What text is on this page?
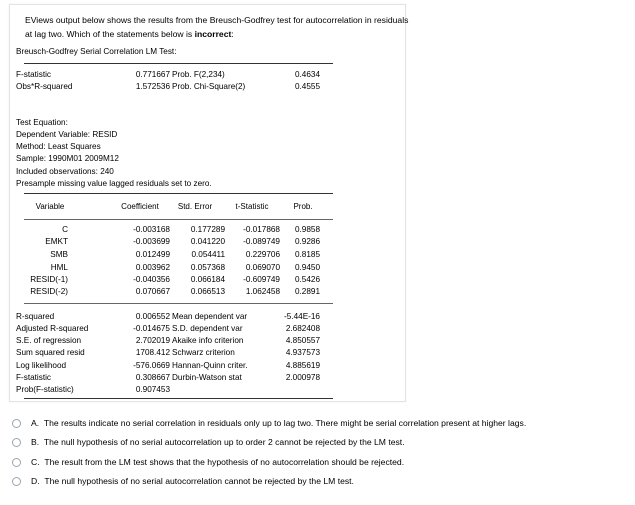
EViews output below shows the results from the Breusch-Godfrey test for autocorrelation in residuals at lag two. Which of the statements below is incorrect:
Breusch-Godfrey Serial Correlation LM Test:
F-statistic	0.771667 Prob. F(2,234)	0.4634
Obs*R-squared	1.572536 Prob. Chi-Square(2)	0.4555
Test Equation:
Dependent Variable: RESID
Method: Least Squares
Sample: 1990M01 2009M12
Included observations: 240
Presample missing value lagged residuals set to zero.
Variable	Coefficient	Std. Error	t-Statistic	Prob.
C	-0.003168	0.177289	-0.017868	0.9858
EMKT	-0.003699	0.041220	-0.089749	0.9286
SMB	0.012499	0.054411	0.229706	0.8185
HML	0.003962	0.057368	0.069070	0.9450
RESID(-1)	-0.040356	0.066184	-0.609749	0.5426
RESID(-2)	0.070667	0.066513	1.062458	0.2891
R-squared	0.006552 Mean dependent var	-5.44E-16
Adjusted R-squared	-0.014675 S.D. dependent var	2.682408
S.E. of regression	2.702019 Akaike info criterion	4.850557
Sum squared resid	1708.412 Schwarz criterion	4.937573
Log likelihood	-576.0669 Hannan-Quinn criter.	4.885619
F-statistic	0.308667 Durbin-Watson stat	2.000978
Prob(F-statistic)	0.907453
A. The results indicate no serial correlation in residuals only up to lag two. There might be serial correlation present at higher lags.
B. The null hypothesis of no serial autocorrelation up to order 2 cannot be rejected by the LM test.
C. The result from the LM test shows that the hypothesis of no autocorrelation should be rejected.
D. The null hypothesis of no serial autocorrelation cannot be rejected by the LM test.
